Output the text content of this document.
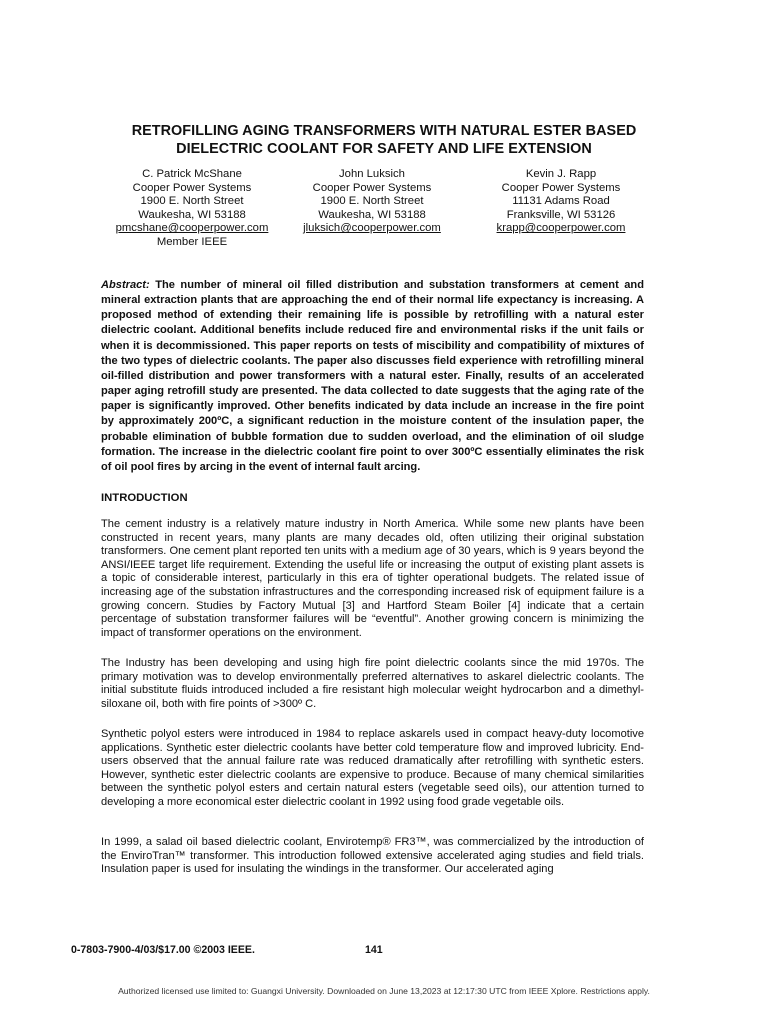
RETROFILLING AGING TRANSFORMERS WITH NATURAL ESTER BASED
DIELECTRIC COOLANT FOR SAFETY AND LIFE EXTENSION
C. Patrick McShane
Cooper Power Systems
1900 E. North Street
Waukesha, WI 53188
pmcshane@cooperpower.com
Member IEEE
John Luksich
Cooper Power Systems
1900 E. North Street
Waukesha, WI 53188
jluksich@cooperpower.com
Kevin J. Rapp
Cooper Power Systems
11131 Adams Road
Franksville, WI 53126
krapp@cooperpower.com

Abstract: The number of mineral oil filled distribution and substation transformers at cement and mineral extraction plants that are approaching the end of their normal life expectancy is increasing. A proposed method of extending their remaining life is possible by retrofilling with a natural ester dielectric coolant. Additional benefits include reduced fire and environmental risks if the unit fails or when it is decommissioned. This paper reports on tests of miscibility and compatibility of mixtures of the two types of dielectric coolants. The paper also discusses field experience with retrofilling mineral oil-filled distribution and power transformers with a natural ester. Finally, results of an accelerated paper aging retrofill study are presented. The data collected to date suggests that the aging rate of the paper is significantly improved. Other benefits indicated by data include an increase in the fire point by approximately 200ºC, a significant reduction in the moisture content of the insulation paper, the probable elimination of bubble formation due to sudden overload, and the elimination of oil sludge formation. The increase in the dielectric coolant fire point to over 300ºC essentially eliminates the risk of oil pool fires by arcing in the event of internal fault arcing.

INTRODUCTION

The cement industry is a relatively mature industry in North America. While some new plants have been constructed in recent years, many plants are many decades old, often utilizing their original substation transformers. One cement plant reported ten units with a medium age of 30 years, which is 9 years beyond the ANSI/IEEE target life requirement. Extending the useful life or increasing the output of existing plant assets is a topic of considerable interest, particularly in this era of tighter operational budgets. The related issue of increasing age of the substation infrastructures and the corresponding increased risk of equipment failure is a growing concern. Studies by Factory Mutual [3] and Hartford Steam Boiler [4] indicate that a certain percentage of substation transformer failures will be “eventful”. Another growing concern is minimizing the impact of transformer operations on the environment.

The Industry has been developing and using high fire point dielectric coolants since the mid 1970s. The primary motivation was to develop environmentally preferred alternatives to askarel dielectric coolants. The initial substitute fluids introduced included a fire resistant high molecular weight hydrocarbon and a dimethyl-siloxane oil, both with fire points of >300º C.

Synthetic polyol esters were introduced in 1984 to replace askarels used in compact heavy-duty locomotive applications. Synthetic ester dielectric coolants have better cold temperature flow and improved lubricity. End-users observed that the annual failure rate was reduced dramatically after retrofilling with synthetic esters. However, synthetic ester dielectric coolants are expensive to produce. Because of many chemical similarities between the synthetic polyol esters and certain natural esters (vegetable seed oils), our attention turned to developing a more economical ester dielectric coolant in 1992 using food grade vegetable oils.

In 1999, a salad oil based dielectric coolant, Envirotemp® FR3™, was commercialized by the introduction of the EnviroTran™ transformer. This introduction followed extensive accelerated aging studies and field trials. Insulation paper is used for insulating the windings in the transformer. Our accelerated aging

0-7803-7900-4/03/$17.00 ©2003 IEEE.	141

Authorized licensed use limited to: Guangxi University. Downloaded on June 13,2023 at 12:17:30 UTC from IEEE Xplore. Restrictions apply.
